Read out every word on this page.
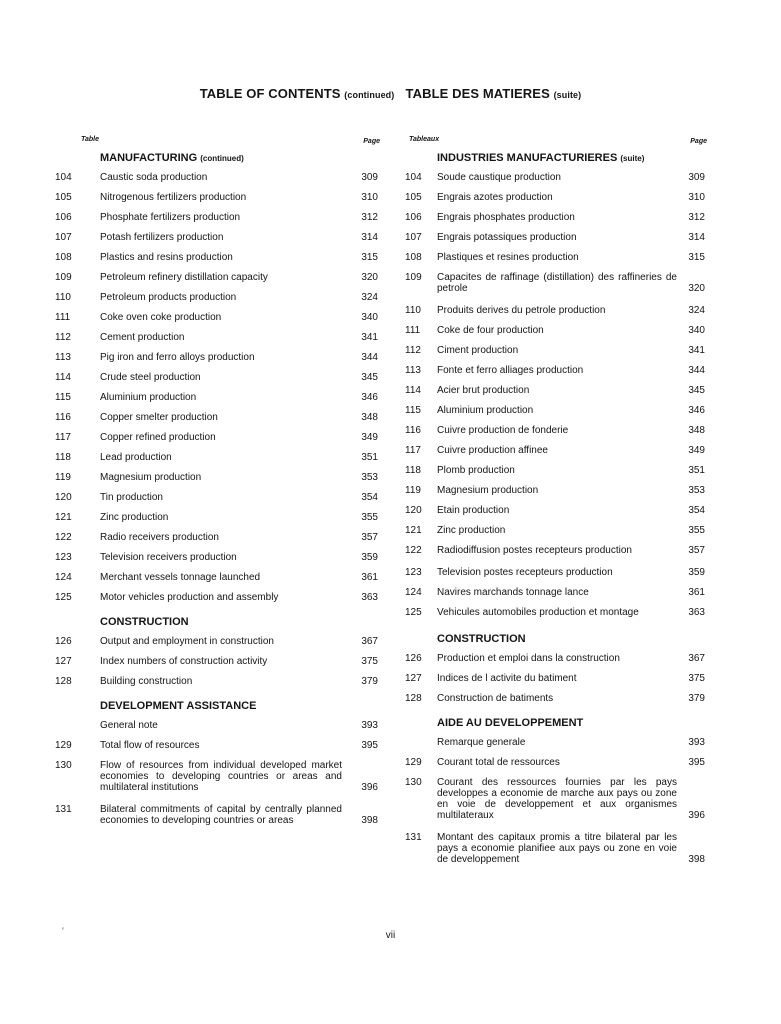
TABLE OF CONTENTS (continued) TABLE DES MATIERES (suite)
Table	Page
MANUFACTURING (continued)
104	Caustic soda production	309
105	Nitrogenous fertilizers production	310
106	Phosphate fertilizers production	312
107	Potash fertilizers production	314
108	Plastics and resins production	315
109	Petroleum refinery distillation capacity	320
110	Petroleum products production	324
111	Coke oven coke production	340
112	Cement production	341
113	Pig iron and ferro alloys production	344
114	Crude steel production	345
115	Aluminium production	346
116	Copper smelter production	348
117	Copper refined production	349
118	Lead production	351
119	Magnesium production	353
120	Tin production	354
121	Zinc production	355
122	Radio receivers production	357
123	Television receivers production	359
124	Merchant vessels tonnage launched	361
125	Motor vehicles production and assembly	363
CONSTRUCTION
126	Output and employment in construction	367
127	Index numbers of construction activity	375
128	Building construction	379
DEVELOPMENT ASSISTANCE
General note	393
129	Total flow of resources	395
130	Flow of resources from individual developed market economies to developing countries or areas and multilateral institutions	396
131	Bilateral commitments of capital by centrally planned economies to developing countries or areas	398
Tableaux	Page
INDUSTRIES MANUFACTURIERES (suite)
104 Soude caustique production	309
105 Engrais azotes production	310
106 Engrais phosphates production	312
107 Engrais potassiques production	314
108 Plastiques et resines production	315
109 Capacites de raffinage (distillation) des raffineries de petrole	320
110 Produits derives du petrole production	324
111 Coke de four production	340
112 Ciment production	341
113 Fonte et ferro alliages production	344
114 Acier brut production	345
115 Aluminium production	346
116 Cuivre production de fonderie	348
117 Cuivre production affinee	349
118 Plomb production	351
119 Magnesium production	353
120 Etain production	354
121 Zinc production	355
122 Radiodiffusion postes recepteurs production	357
123 Television postes recepteurs production	359
124 Navires marchands tonnage lance	361
125 Vehicules automobiles production et montage	363
CONSTRUCTION
126 Production et emploi dans la construction	367
127 Indices de l activite du batiment	375
128 Construction de batiments	379
AIDE AU DEVELOPPEMENT
Remarque generale	393
129 Courant total de ressources	395
130 Courant des ressources fournies par les pays developpes a economie de marche aux pays ou zone en voie de developpement et aux organismes multilateraux	396
131 Montant des capitaux promis a titre bilateral par les pays a economie planifiee aux pays ou zone en voie de developpement	398
vii
‛
